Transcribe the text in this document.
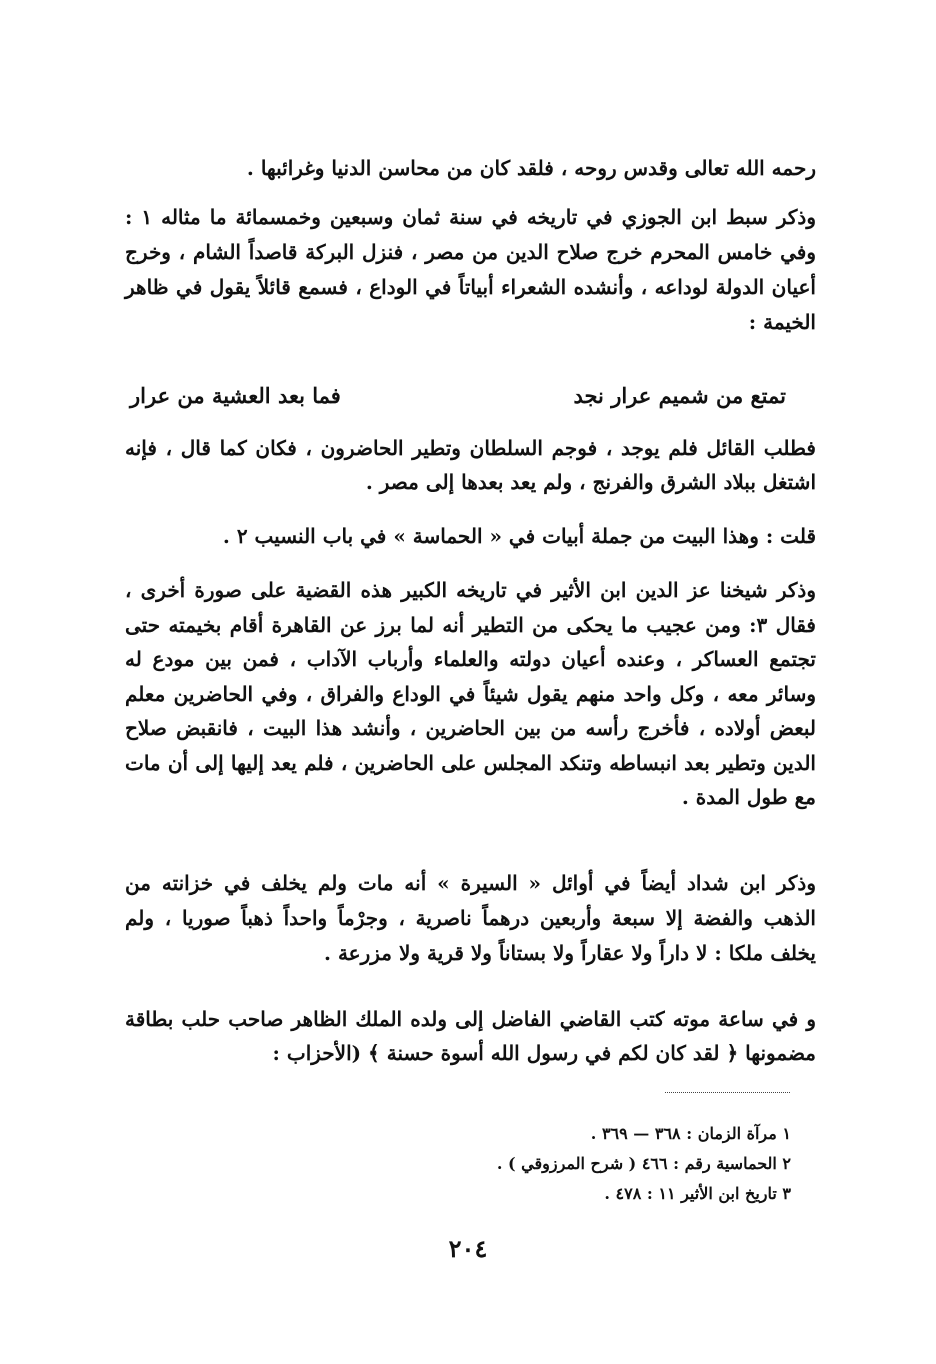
رحمه الله تعالى وقدس روحه ، فلقد كان من محاسن الدنيا وغرائبها .

وذكر سبط ابن الجوزي في تاريخه في سنة ثمان وسبعين وخمسمائة ما مثاله ١ : وفي خامس المحرم خرج صلاح الدين من مصر ، فنزل البركة قاصداً الشام ، وخرج أعيان الدولة لوداعه ، وأنشده الشعراء أبياتاً في الوداع ، فسمع قائلاً يقول في ظاهر الخيمة :

تمتع من شميم عرار نجد
فما بعد العشية من عرار

فطلب القائل فلم يوجد ، فوجم السلطان وتطير الحاضرون ، فكان كما قال ، فإنه اشتغل ببلاد الشرق والفرنج ، ولم يعد بعدها إلى مصر .

قلت : وهذا البيت من جملة أبيات في « الحماسة » في باب النسيب ٢ .

وذكر شيخنا عز الدين ابن الأثير في تاريخه الكبير هذه القضية على صورة أخرى ، فقال ٣: ومن عجيب ما يحكى من التطير أنه لما برز عن القاهرة أقام بخيمته حتى تجتمع العساكر ، وعنده أعيان دولته والعلماء وأرباب الآداب ، فمن بين مودع له وسائر معه ، وكل واحد منهم يقول شيئاً في الوداع والفراق ، وفي الحاضرين معلم لبعض أولاده ، فأخرج رأسه من بين الحاضرين ، وأنشد هذا البيت ، فانقبض صلاح الدين وتطير بعد انبساطه وتنكد المجلس على الحاضرين ، فلم يعد إليها إلى أن مات مع طول المدة .

وذكر ابن شداد أيضاً في أوائل « السيرة » أنه مات ولم يخلف في خزانته من الذهب والفضة إلا سبعة وأربعين درهماً ناصرية ، وجرْماً واحداً ذهباً صوريا ، ولم يخلف ملكا : لا داراً ولا عقاراً ولا بستاناً ولا قرية ولا مزرعة .

و في ساعة موته كتب القاضي الفاضل إلى ولده الملك الظاهر صاحب حلب بطاقة مضمونها ﴿ لقد كان لكم في رسول الله أسوة حسنة ﴾ (الأحزاب :

١ مرآة الزمان : ٣٦٨ — ٣٦٩ .
٢ الحماسية رقم : ٤٦٦ ( شرح المرزوقي ) .
٣ تاريخ ابن الأثير ١١ : ٤٧٨ .
٢٠٤
